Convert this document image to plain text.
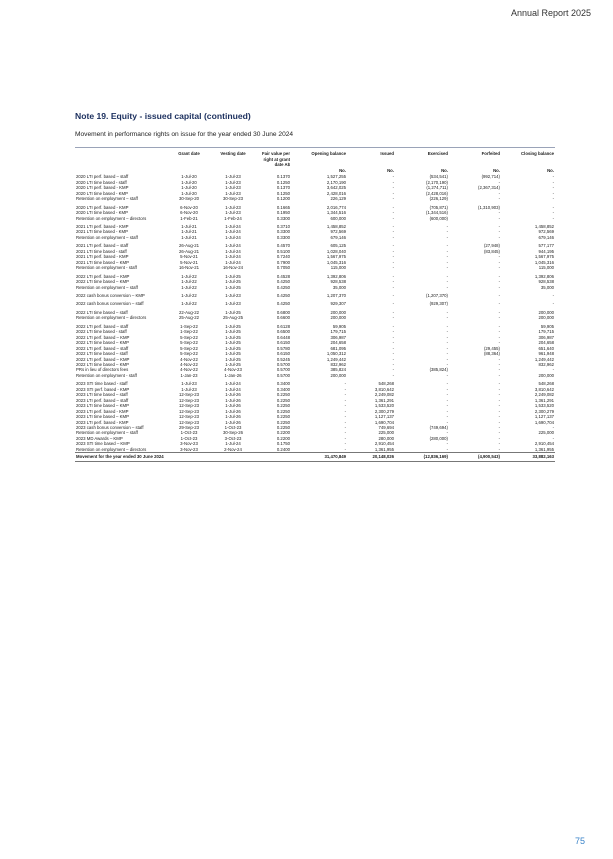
Annual Report 2025
Note 19. Equity - issued capital (continued)
Movement in performance rights on issue for the year ended 30 June 2024
	Grant date	Vesting date	Fair value per right at grant date A$	Opening balance	Issued	Exercised	Forfeited	Closing balance
				No.	No.	No.	No.	No.
2020 LTI perf. based – staff	1-Jul-20	1-Jul-23	0.1370	1,527,255	-	(534,541)	(992,714)	-
2020 LTI time based - staff	1-Jul-20	1-Jul-23	0.1250	2,170,190	-	(2,170,190)	-	-
2020 LTI perf. based - KMP	1-Jul-20	1-Jul-23	0.1370	3,642,025	-	(1,274,711)	(2,367,314)	-
2020 LTI time based - KMP	1-Jul-20	1-Jul-23	0.1250	2,428,016	-	(2,428,016)	-	-
Retention on employment – staff	30-Sep-20	30-Sep-23	0.1200	226,129	-	(226,129)	-	-

2020 LTI perf. based - KMP	6-Nov-20	1-Jul-23	0.1665	2,016,774	-	(705,871)	(1,310,903)	-
2020 LTI time based - KMP	6-Nov-20	1-Jul-23	0.1950	1,344,516	-	(1,344,516)	-	-
Retention on employment – directors	1-Feb-21	1-Feb-24	0.3300	600,000	-	(600,000)	-	-

2021 LTI perf. based - KMP	1-Jul-21	1-Jul-24	0.3710	1,458,852	-	-	-	1,458,852
2021 LTI time based - KMP	1-Jul-21	1-Jul-24	0.3300	972,569	-	-	-	972,569
Retention on employment – staff	1-Jul-21	1-Jul-24	0.3300	679,146	-	-	-	679,146

2021 LTI perf. based – staff	26-Aug-21	1-Jul-24	0.4570	605,125	-	-	(27,948)	577,177
2021 LTI time based - staff	26-Aug-21	1-Jul-24	0.5100	1,028,040	-	-	(83,845)	944,195
2021 LTI perf. based - KMP	5-Nov-21	1-Jul-24	0.7240	1,567,975	-	-	-	1,567,975
2021 LTI time based – KMP	5-Nov-21	1-Jul-24	0.7900	1,045,316	-	-	-	1,045,316
Retention on employment - staff	16-Nov-21	16-Nov-24	0.7050	115,000	-	-	-	115,000

2022 LTI perf. based – KMP	1-Jul-22	1-Jul-25	0.4528	1,392,806	-	-	-	1,392,806
2022 LTI time based – KMP	1-Jul-22	1-Jul-25	0.4250	928,538	-	-	-	928,538
Retention on employment – staff	1-Jul-22	1-Jul-25	0.4250	35,000	-	-	-	35,000

2022 cash bonus conversion – KMP	1-Jul-22	1-Jul-23	0.4250	1,207,370	-	(1,207,370)	-	-

2022 cash bonus conversion – staff	1-Jul-22	1-Jul-23	0.4250	929,307	-	(929,307)	-	-

2022 LTI time based – staff	22-Aug-22	1-Jul-25	0.6800	200,000	-	-	-	200,000
Retention on employment – directors	25-Aug-22	25-Aug-25	0.6600	200,000	-	-	-	200,000

2022 LTI perf. based – staff	1-Sep-22	1-Jul-25	0.6128	59,905	-	-	-	59,905
2022 LTI time based - staff	1-Sep-22	1-Jul-25	0.6500	179,715	-	-	-	179,715
2022 LTI perf. based – KMP	5-Sep-22	1-Jul-25	0.6448	306,987	-	-	-	306,987
2022 LTI time based – KMP	5-Sep-22	1-Jul-25	0.6150	204,658	-	-	-	204,658
2022 LTI perf. based – staff	5-Sep-22	1-Jul-25	0.5780	681,095	-	-	(29,455)	651,640
2022 LTI time based – staff	5-Sep-22	1-Jul-25	0.6150	1,050,312	-	-	(88,364)	961,948
2022 LTI perf. based – KMP	4-Nov-22	1-Jul-25	0.5245	1,249,442	-	-	-	1,249,442
2022 LTI time based – KMP	4-Nov-22	1-Jul-25	0.5700	832,962	-	-	-	832,962
PRs in lieu of directors fees	4-Nov-22	4-Nov-23	0.5700	385,824	-	(385,824)	-	-
Retention on employment - staff	1-Jan-23	1-Jan-26	0.5700	200,000	-	-	-	200,000

2023 STI time based - staff	1-Jul-23	1-Jul-24	0.3400	-	548,268	-	-	548,268
2023 STI perf. based - KMP	1-Jul-23	1-Jul-24	0.3400	-	3,810,642	-	-	3,810,642
2023 LTI time based – staff	12-Sep-23	1-Jul-26	0.2250	-	2,249,082	-	-	2,249,082
2023 LTI perf. based – staff	12-Sep-23	1-Jul-26	0.2250	-	1,361,291	-	-	1,361,291
2023 LTI time based – KMP	12-Sep-23	1-Jul-26	0.2250	-	1,533,520	-	-	1,533,520
2023 LTI perf. based - KMP	12-Sep-23	1-Jul-26	0.2250	-	2,300,279	-	-	2,300,279
2023 LTI time based – KMP	12-Sep-23	1-Jul-26	0.2250	-	1,127,137	-	-	1,127,137
2023 LTI perf. based - KMP	12-Sep-23	1-Jul-26	0.2250	-	1,690,704	-	-	1,690,704
2023 cash bonus conversion – staff	29-Sep-23	1-Oct-23	0.2250	-	749,694	(749,694)	-	-
Retention on employment – staff	1-Oct-23	30-Sep-26	0.2200	-	225,000	-	-	225,000
2023 MD Awards – KMP	1-Oct-23	3-Oct-23	0.2200	-	280,000	(280,000)	-	-
2023 STI time based – KMP	3-Nov-23	1-Jul-24	0.1750	-	2,910,454	-	-	2,910,454
Retention on employment – directors	3-Nov-23	2-Nov-24	0.2400	-	1,361,955	-	-	1,361,955
Movement for the year ended 30 June 2024				31,470,849	20,148,026	(12,836,169)	(4,900,543)	33,882,163
75
